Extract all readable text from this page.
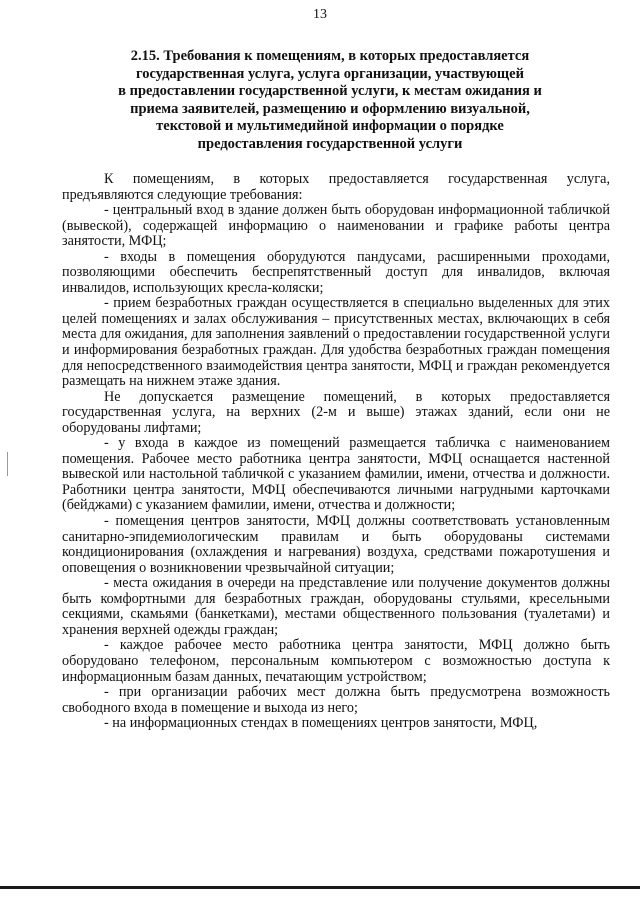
13
2.15. Требования к помещениям, в которых предоставляется
государственная услуга, услуга организации, участвующей
в предоставлении государственной услуги, к местам ожидания и
приема заявителей, размещению и оформлению визуальной,
текстовой и мультимедийной информации о порядке
предоставления государственной услуги

К помещениям, в которых предоставляется государственная услуга, предъявляются следующие требования:

- центральный вход в здание должен быть оборудован информационной табличкой (вывеской), содержащей информацию о наименовании и графике работы центра занятости, МФЦ;

- входы в помещения оборудуются пандусами, расширенными проходами, позволяющими обеспечить беспрепятственный доступ для инвалидов, включая инвалидов, использующих кресла-коляски;

- прием безработных граждан осуществляется в специально выделенных для этих целей помещениях и залах обслуживания – присутственных местах, включающих в себя места для ожидания, для заполнения заявлений о предоставлении государственной услуги и информирования безработных граждан. Для удобства безработных граждан помещения для непосредственного взаимодействия центра занятости, МФЦ и граждан рекомендуется размещать на нижнем этаже здания.

Не допускается размещение помещений, в которых предоставляется государственная услуга, на верхних (2-м и выше) этажах зданий, если они не оборудованы лифтами;

- у входа в каждое из помещений размещается табличка с наименованием помещения. Рабочее место работника центра занятости, МФЦ оснащается настенной вывеской или настольной табличкой с указанием фамилии, имени, отчества и должности. Работники центра занятости, МФЦ обеспечиваются личными нагрудными карточками (бейджами) с указанием фамилии, имени, отчества и должности;

- помещения центров занятости, МФЦ должны соответствовать установленным санитарно-эпидемиологическим правилам и быть оборудованы системами кондиционирования (охлаждения и нагревания) воздуха, средствами пожаротушения и оповещения о возникновении чрезвычайной ситуации;

- места ожидания в очереди на представление или получение документов должны быть комфортными для безработных граждан, оборудованы стульями, кресельными секциями, скамьями (банкетками), местами общественного пользования (туалетами) и хранения верхней одежды граждан;

- каждое рабочее место работника центра занятости, МФЦ должно быть оборудовано телефоном, персональным компьютером с возможностью доступа к информационным базам данных, печатающим устройством;

- при организации рабочих мест должна быть предусмотрена возможность свободного входа в помещение и выхода из него;

- на информационных стендах в помещениях центров занятости, МФЦ,
